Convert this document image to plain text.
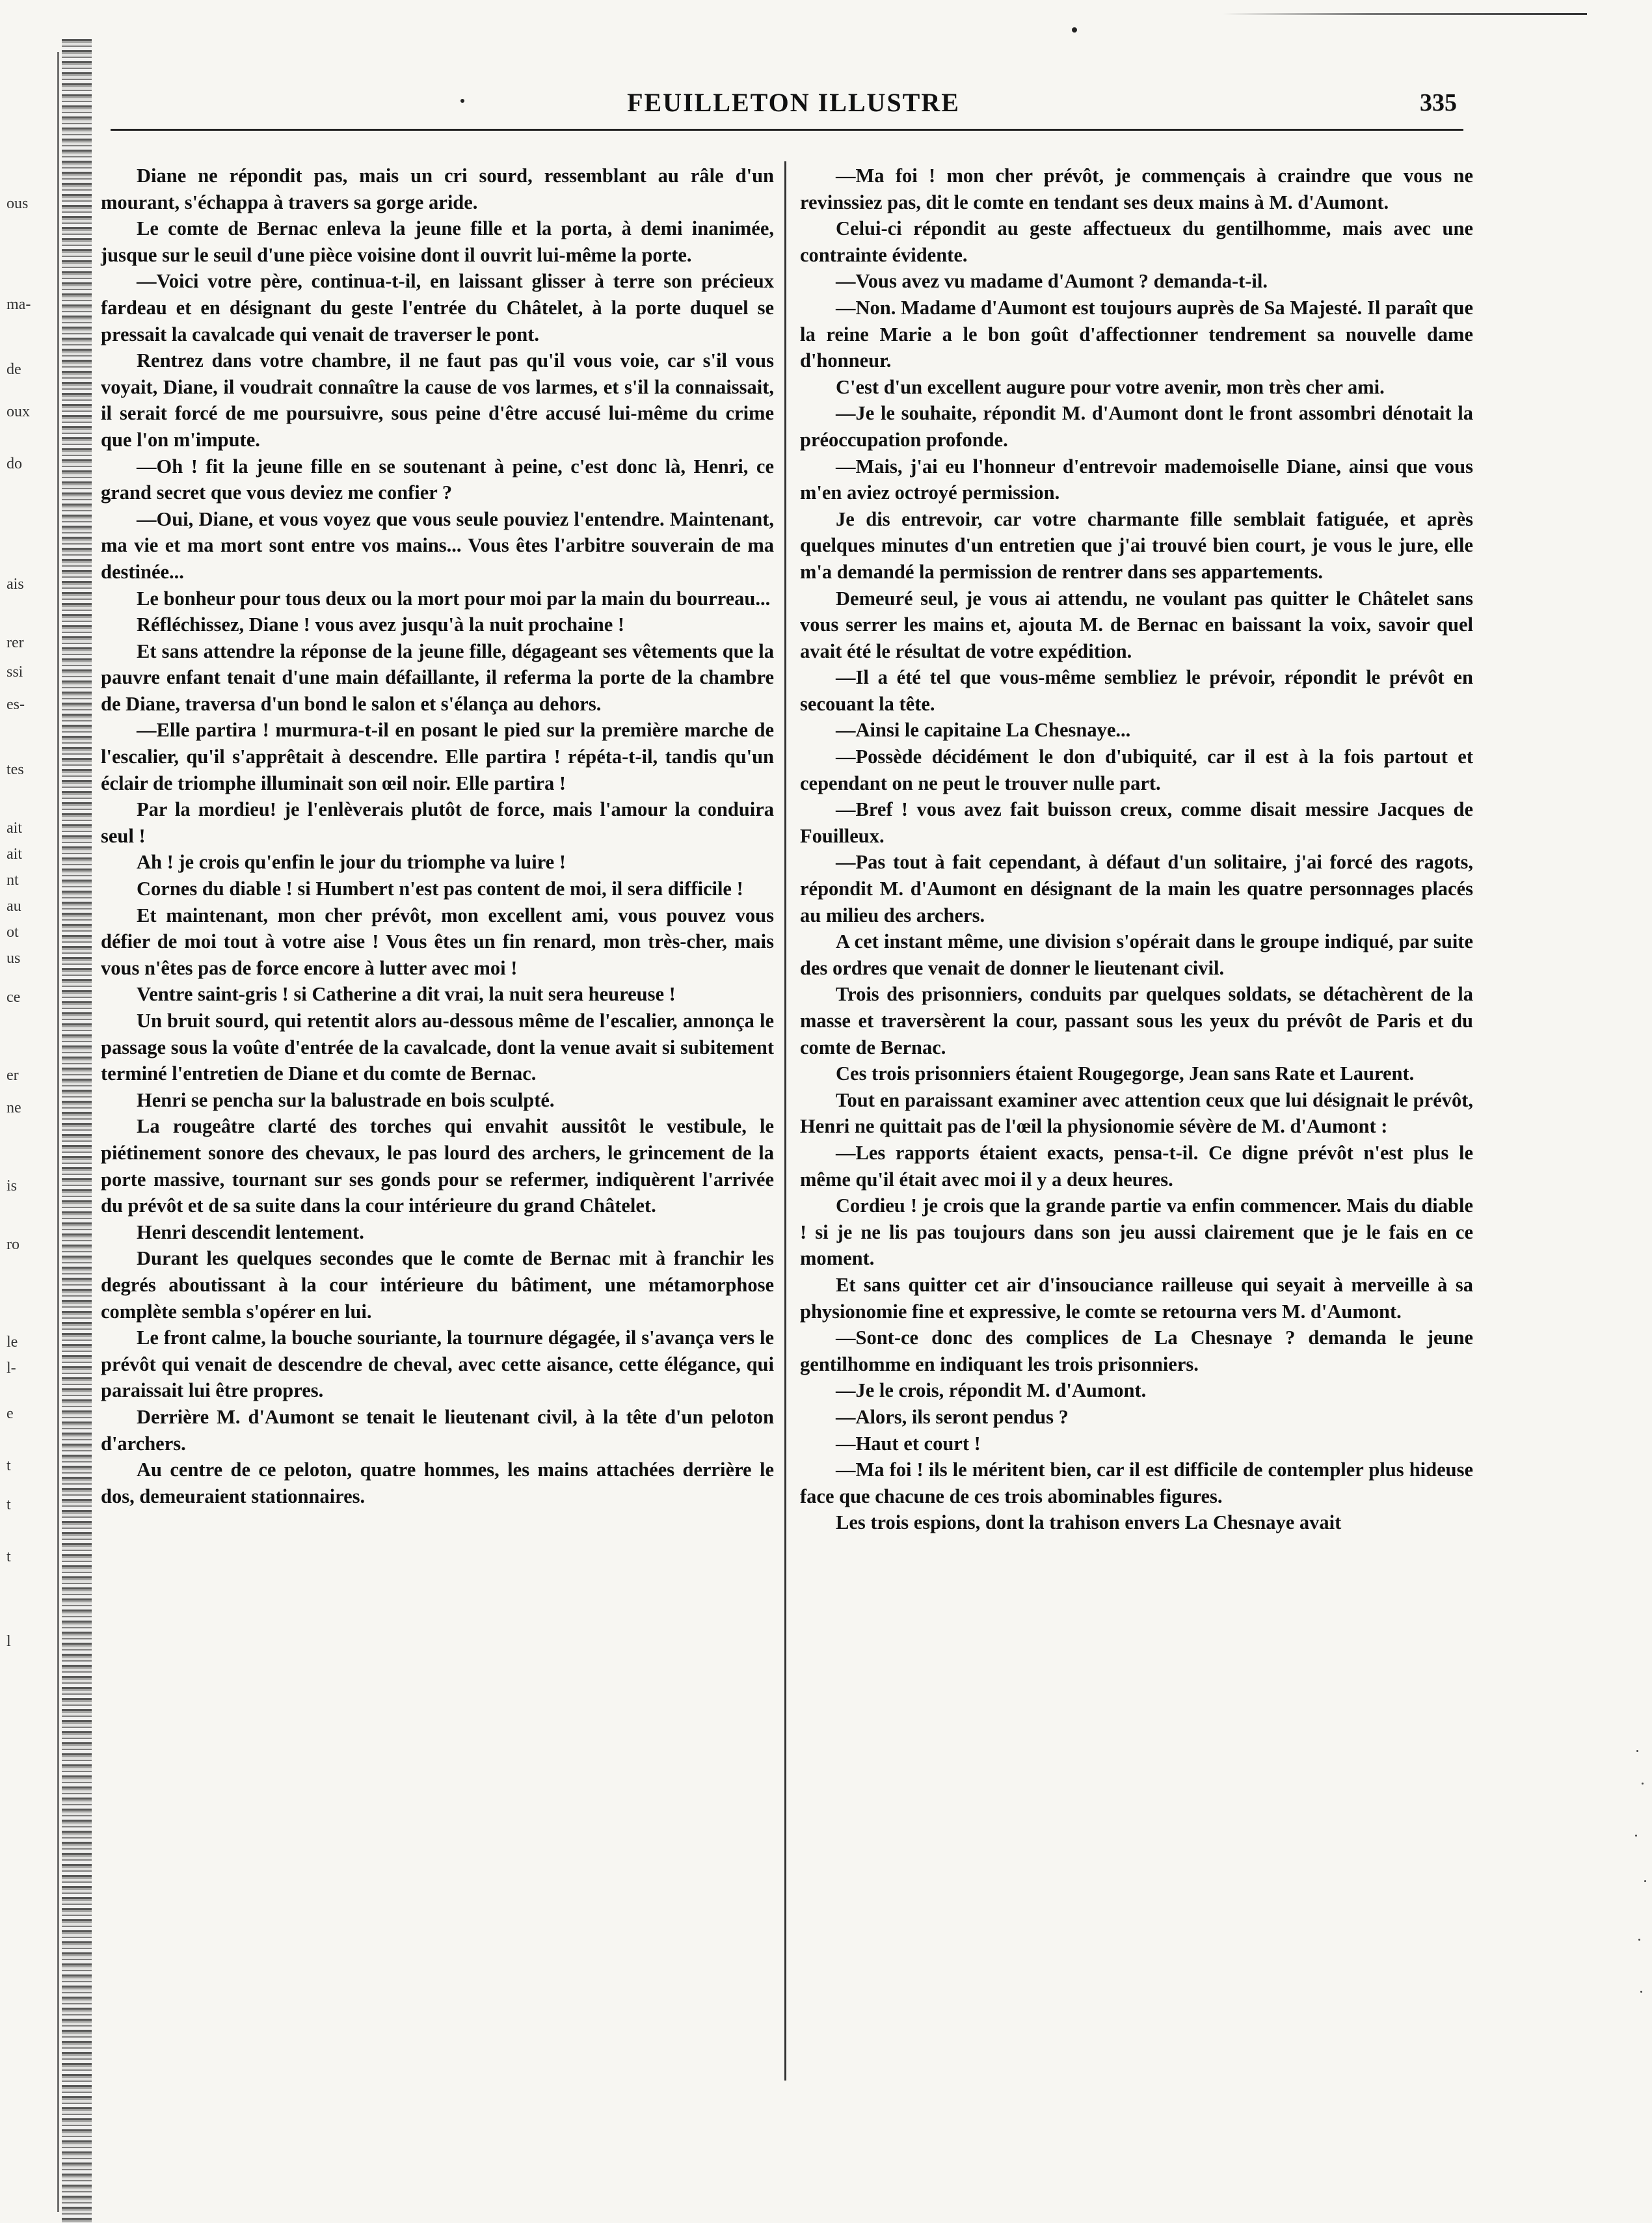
ous
ma-
de
oux
do
ais
rer
ssi
es-
tes
ait
ait
nt
au
ot
us
ce
er
ne
is
ro
le
l-
e
t
t
t
l
FEUILLETON ILLUSTRE	335

Diane ne répondit pas, mais un cri sourd, ressemblant au râle d'un mourant, s'échappa à travers sa gorge aride.

Le comte de Bernac enleva la jeune fille et la porta, à demi inanimée, jusque sur le seuil d'une pièce voisine dont il ouvrit lui-même la porte.

—Voici votre père, continua-t-il, en laissant glisser à terre son précieux fardeau et en désignant du geste l'entrée du Châtelet, à la porte duquel se pressait la cavalcade qui venait de traverser le pont.

Rentrez dans votre chambre, il ne faut pas qu'il vous voie, car s'il vous voyait, Diane, il voudrait connaître la cause de vos larmes, et s'il la connaissait, il serait forcé de me poursuivre, sous peine d'être accusé lui-même du crime que l'on m'impute.

—Oh ! fit la jeune fille en se soutenant à peine, c'est donc là, Henri, ce grand secret que vous deviez me confier ?

—Oui, Diane, et vous voyez que vous seule pouviez l'entendre. Maintenant, ma vie et ma mort sont entre vos mains... Vous êtes l'arbitre souverain de ma destinée...

Le bonheur pour tous deux ou la mort pour moi par la main du bourreau...

Réfléchissez, Diane ! vous avez jusqu'à la nuit prochaine !

Et sans attendre la réponse de la jeune fille, dégageant ses vêtements que la pauvre enfant tenait d'une main défaillante, il referma la porte de la chambre de Diane, traversa d'un bond le salon et s'élança au dehors.

—Elle partira ! murmura-t-il en posant le pied sur la première marche de l'escalier, qu'il s'apprêtait à descendre. Elle partira ! répéta-t-il, tandis qu'un éclair de triomphe illuminait son œil noir. Elle partira !

Par la mordieu! je l'enlèverais plutôt de force, mais l'amour la conduira seul !

Ah ! je crois qu'enfin le jour du triomphe va luire !

Cornes du diable ! si Humbert n'est pas content de moi, il sera difficile !

Et maintenant, mon cher prévôt, mon excellent ami, vous pouvez vous défier de moi tout à votre aise ! Vous êtes un fin renard, mon très-cher, mais vous n'êtes pas de force encore à lutter avec moi !

Ventre saint-gris ! si Catherine a dit vrai, la nuit sera heureuse !

Un bruit sourd, qui retentit alors au-dessous même de l'escalier, annonça le passage sous la voûte d'entrée de la cavalcade, dont la venue avait si subitement terminé l'entretien de Diane et du comte de Bernac.

Henri se pencha sur la balustrade en bois sculpté.

La rougeâtre clarté des torches qui envahit aussitôt le vestibule, le piétinement sonore des chevaux, le pas lourd des archers, le grincement de la porte massive, tournant sur ses gonds pour se refermer, indiquèrent l'arrivée du prévôt et de sa suite dans la cour intérieure du grand Châtelet.

Henri descendit lentement.

Durant les quelques secondes que le comte de Bernac mit à franchir les degrés aboutissant à la cour intérieure du bâtiment, une métamorphose complète sembla s'opérer en lui.

Le front calme, la bouche souriante, la tournure dégagée, il s'avança vers le prévôt qui venait de descendre de cheval, avec cette aisance, cette élégance, qui paraissait lui être propres.

Derrière M. d'Aumont se tenait le lieutenant civil, à la tête d'un peloton d'archers.

Au centre de ce peloton, quatre hommes, les mains attachées derrière le dos, demeuraient stationnaires.

—Ma foi ! mon cher prévôt, je commençais à craindre que vous ne revinssiez pas, dit le comte en tendant ses deux mains à M. d'Aumont.

Celui-ci répondit au geste affectueux du gentilhomme, mais avec une contrainte évidente.

—Vous avez vu madame d'Aumont ? demanda-t-il.

—Non. Madame d'Aumont est toujours auprès de Sa Majesté. Il paraît que la reine Marie a le bon goût d'affectionner tendrement sa nouvelle dame d'honneur.

C'est d'un excellent augure pour votre avenir, mon très cher ami.

—Je le souhaite, répondit M. d'Aumont dont le front assombri dénotait la préoccupation profonde.

—Mais, j'ai eu l'honneur d'entrevoir mademoiselle Diane, ainsi que vous m'en aviez octroyé permission.

Je dis entrevoir, car votre charmante fille semblait fatiguée, et après quelques minutes d'un entretien que j'ai trouvé bien court, je vous le jure, elle m'a demandé la permission de rentrer dans ses appartements.

Demeuré seul, je vous ai attendu, ne voulant pas quitter le Châtelet sans vous serrer les mains et, ajouta M. de Bernac en baissant la voix, savoir quel avait été le résultat de votre expédition.

—Il a été tel que vous-même sembliez le prévoir, répondit le prévôt en secouant la tête.

—Ainsi le capitaine La Chesnaye...

—Possède décidément le don d'ubiquité, car il est à la fois partout et cependant on ne peut le trouver nulle part.

—Bref ! vous avez fait buisson creux, comme disait messire Jacques de Fouilleux.

—Pas tout à fait cependant, à défaut d'un solitaire, j'ai forcé des ragots, répondit M. d'Aumont en désignant de la main les quatre personnages placés au milieu des archers.

A cet instant même, une division s'opérait dans le groupe indiqué, par suite des ordres que venait de donner le lieutenant civil.

Trois des prisonniers, conduits par quelques soldats, se détachèrent de la masse et traversèrent la cour, passant sous les yeux du prévôt de Paris et du comte de Bernac.

Ces trois prisonniers étaient Rougegorge, Jean sans Rate et Laurent.

Tout en paraissant examiner avec attention ceux que lui désignait le prévôt, Henri ne quittait pas de l'œil la physionomie sévère de M. d'Aumont :

—Les rapports étaient exacts, pensa-t-il. Ce digne prévôt n'est plus le même qu'il était avec moi il y a deux heures.

Cordieu ! je crois que la grande partie va enfin commencer. Mais du diable ! si je ne lis pas toujours dans son jeu aussi clairement que je le fais en ce moment.

Et sans quitter cet air d'insouciance railleuse qui seyait à merveille à sa physionomie fine et expressive, le comte se retourna vers M. d'Aumont.

—Sont-ce donc des complices de La Chesnaye ? demanda le jeune gentilhomme en indiquant les trois prisonniers.

—Je le crois, répondit M. d'Aumont.

—Alors, ils seront pendus ?

—Haut et court !

—Ma foi ! ils le méritent bien, car il est difficile de contempler plus hideuse face que chacune de ces trois abominables figures.

Les trois espions, dont la trahison envers La Chesnaye avait
